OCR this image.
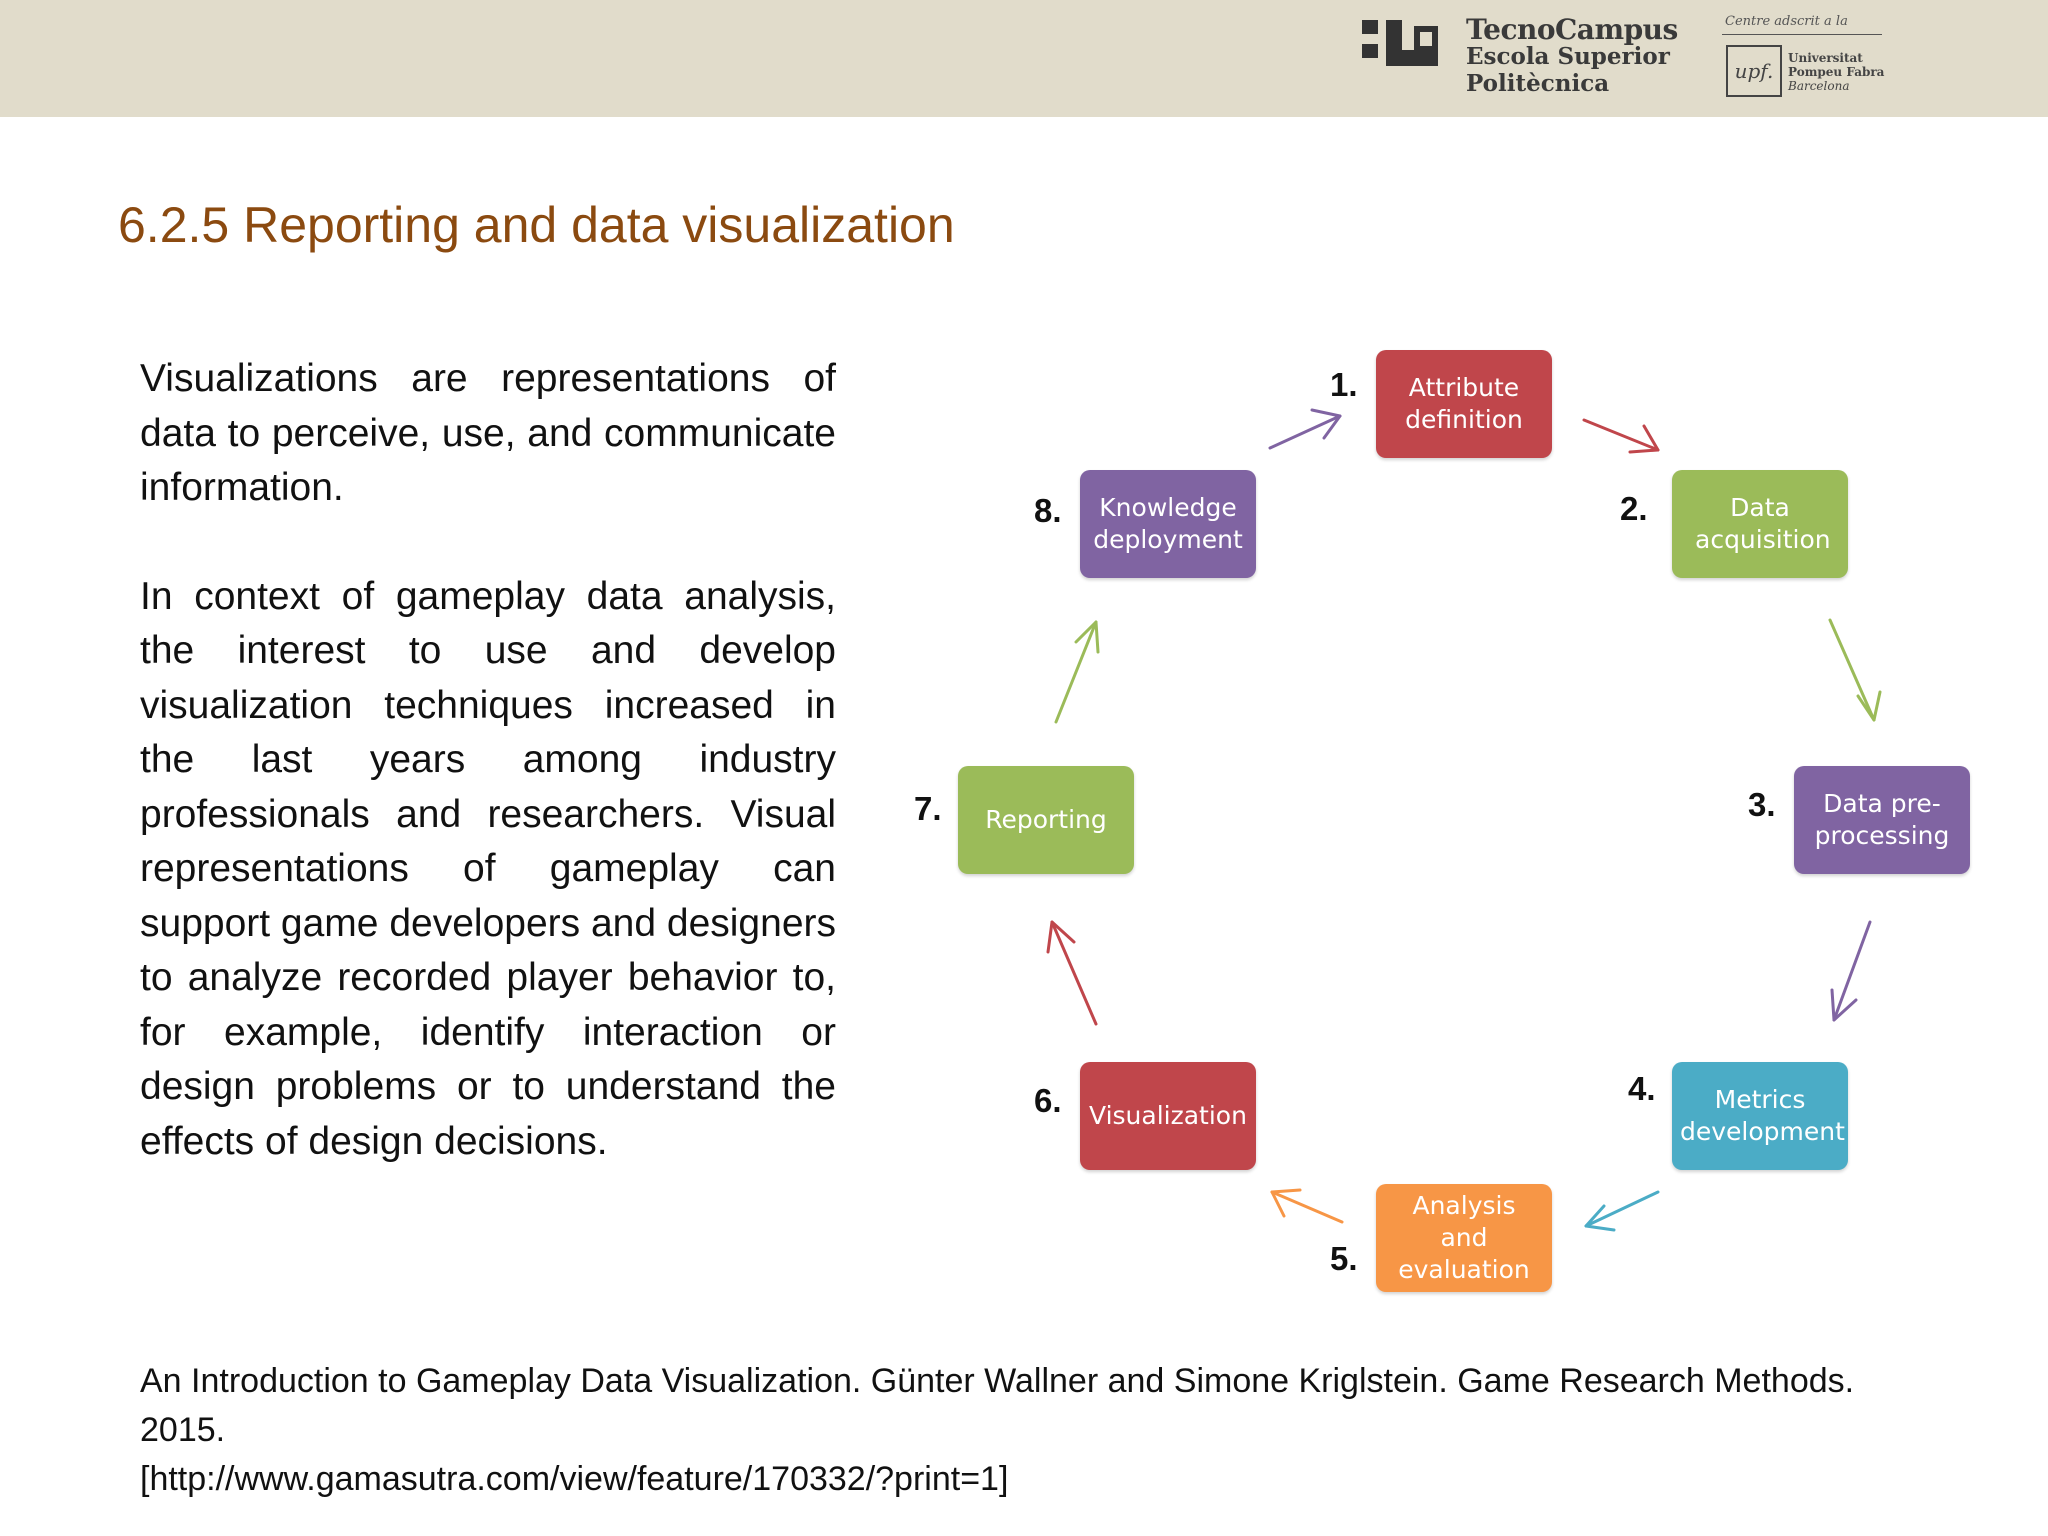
TecnoCampus
Escola Superior
Politècnica
Centre adscrit a la
upf.
Universitat
Pompeu Fabra
Barcelona
6.2.5 Reporting and data visualization

Visualizations are representations of data to perceive, use, and communicate information.

In context of gameplay data analysis, the interest to use and develop visualization techniques increased in the last years among industry professionals and researchers. Visual representations of gameplay can support game developers and designers to analyze recorded player behavior to, for example, identify interaction or design problems or to understand the effects of design decisions.

1.	Attribute definition
2.	Data acquisition
3.	Data pre-processing
4.	Metrics development
5.
Analysis and evaluation
6. Visualization
7. Reporting
8. Knowledge deployment
An Introduction to Gameplay Data Visualization. Günter Wallner and Simone Kriglstein. Game Research Methods. 2015.
[http://www.gamasutra.com/view/feature/170332/?print=1]
